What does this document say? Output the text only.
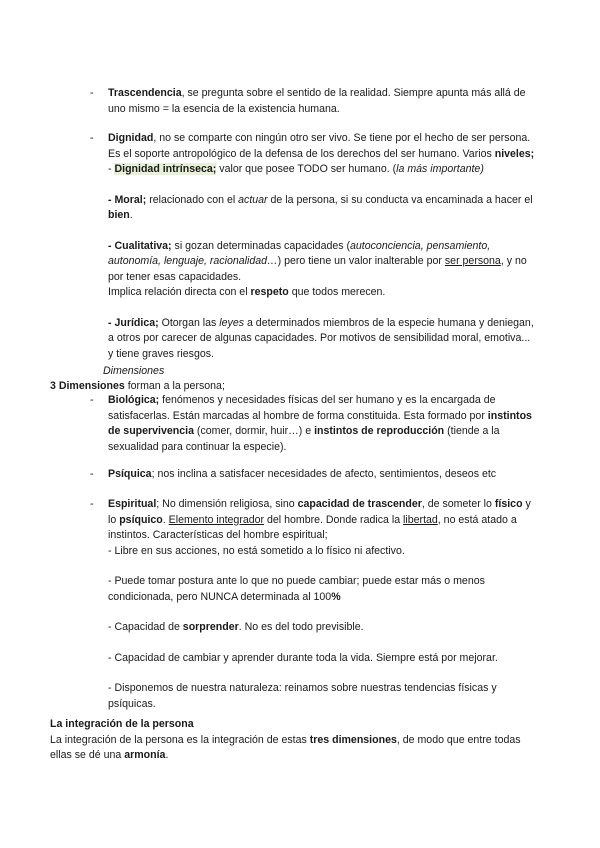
- Trascendencia, se pregunta sobre el sentido de la realidad. Siempre apunta más allá de
uno mismo = la esencia de la existencia humana.
- Dignidad, no se comparte con ningún otro ser vivo. Se tiene por el hecho de ser persona.
Es el soporte antropológico de la defensa de los derechos del ser humano. Varios niveles;
- Dignidad intrínseca; valor que posee TODO ser humano. (la más importante)
- Moral; relacionado con el actuar de la persona, si su conducta va encaminada a hacer el
bien.
- Cualitativa; si gozan determinadas capacidades (autoconciencia, pensamiento,
autonomía, lenguaje, racionalidad…) pero tiene un valor inalterable por ser persona, y no
por tener esas capacidades.
Implica relación directa con el respeto que todos merecen.
- Jurídica; Otorgan las leyes a determinados miembros de la especie humana y deniegan,
a otros por carecer de algunas capacidades. Por motivos de sensibilidad moral, emotiva...
y tiene graves riesgos.
Dimensiones
3 Dimensiones forman a la persona;
- Biológica; fenómenos y necesidades físicas del ser humano y es la encargada de
satisfacerlas. Están marcadas al hombre de forma constituida. Esta formado por instintos
de supervivencia (comer, dormir, huir…) e instintos de reproducción (tiende a la
sexualidad para continuar la especie).
- Psíquica; nos inclina a satisfacer necesidades de afecto, sentimientos, deseos etc
- Espiritual; No dimensión religiosa, sino capacidad de trascender, de someter lo físico y
lo psíquico. Elemento integrador del hombre. Donde radica la libertad, no está atado a
instintos. Características del hombre espiritual;
- Libre en sus acciones, no está sometido a lo físico ni afectivo.
- Puede tomar postura ante lo que no puede cambiar; puede estar más o menos
condicionada, pero NUNCA determinada al 100%
- Capacidad de sorprender. No es del todo previsible.
- Capacidad de cambiar y aprender durante toda la vida. Siempre está por mejorar.
- Disponemos de nuestra naturaleza: reinamos sobre nuestras tendencias físicas y
psíquicas.
La integración de la persona
La integración de la persona es la integración de estas tres dimensiones, de modo que entre todas
ellas se dé una armonía.
